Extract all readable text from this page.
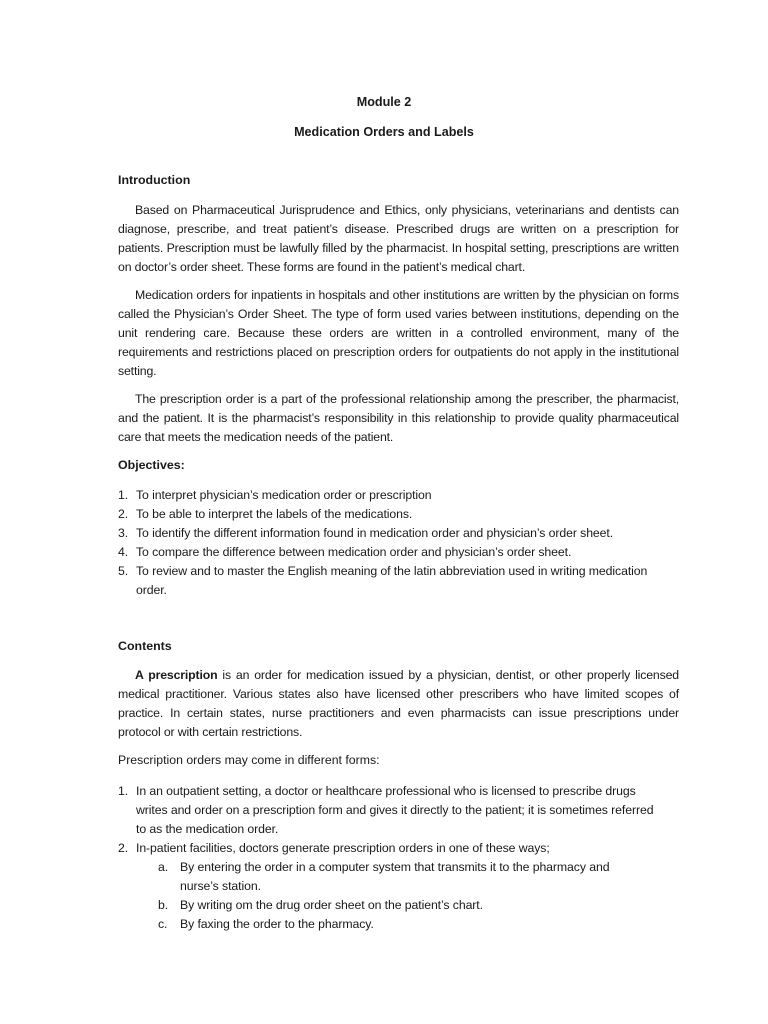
Module 2
Medication Orders and Labels
Introduction

Based on Pharmaceutical Jurisprudence and Ethics, only physicians, veterinarians and dentists can diagnose, prescribe, and treat patient’s disease. Prescribed drugs are written on a prescription for patients. Prescription must be lawfully filled by the pharmacist. In hospital setting, prescriptions are written on doctor’s order sheet. These forms are found in the patient’s medical chart.

Medication orders for inpatients in hospitals and other institutions are written by the physician on forms called the Physician’s Order Sheet. The type of form used varies between institutions, depending on the unit rendering care. Because these orders are written in a controlled environment, many of the requirements and restrictions placed on prescription orders for outpatients do not apply in the institutional setting.

The prescription order is a part of the professional relationship among the prescriber, the pharmacist, and the patient. It is the pharmacist’s responsibility in this relationship to provide quality pharmaceutical care that meets the medication needs of the patient.

Objectives:
1. To interpret physician’s medication order or prescription
2. To be able to interpret the labels of the medications.
3. To identify the different information found in medication order and physician’s order sheet.
4. To compare the difference between medication order and physician’s order sheet.
5. To review and to master the English meaning of the latin abbreviation used in writing medication order.
Contents

A prescription is an order for medication issued by a physician, dentist, or other properly licensed medical practitioner. Various states also have licensed other prescribers who have limited scopes of practice. In certain states, nurse practitioners and even pharmacists can issue prescriptions under protocol or with certain restrictions.

Prescription orders may come in different forms:
1. In an outpatient setting, a doctor or healthcare professional who is licensed to prescribe drugs writes and order on a prescription form and gives it directly to the patient; it is sometimes referred to as the medication order.
2. In-patient facilities, doctors generate prescription orders in one of these ways;
a. By entering the order in a computer system that transmits it to the pharmacy and nurse’s station.
b. By writing om the drug order sheet on the patient’s chart.
c. By faxing the order to the pharmacy.
